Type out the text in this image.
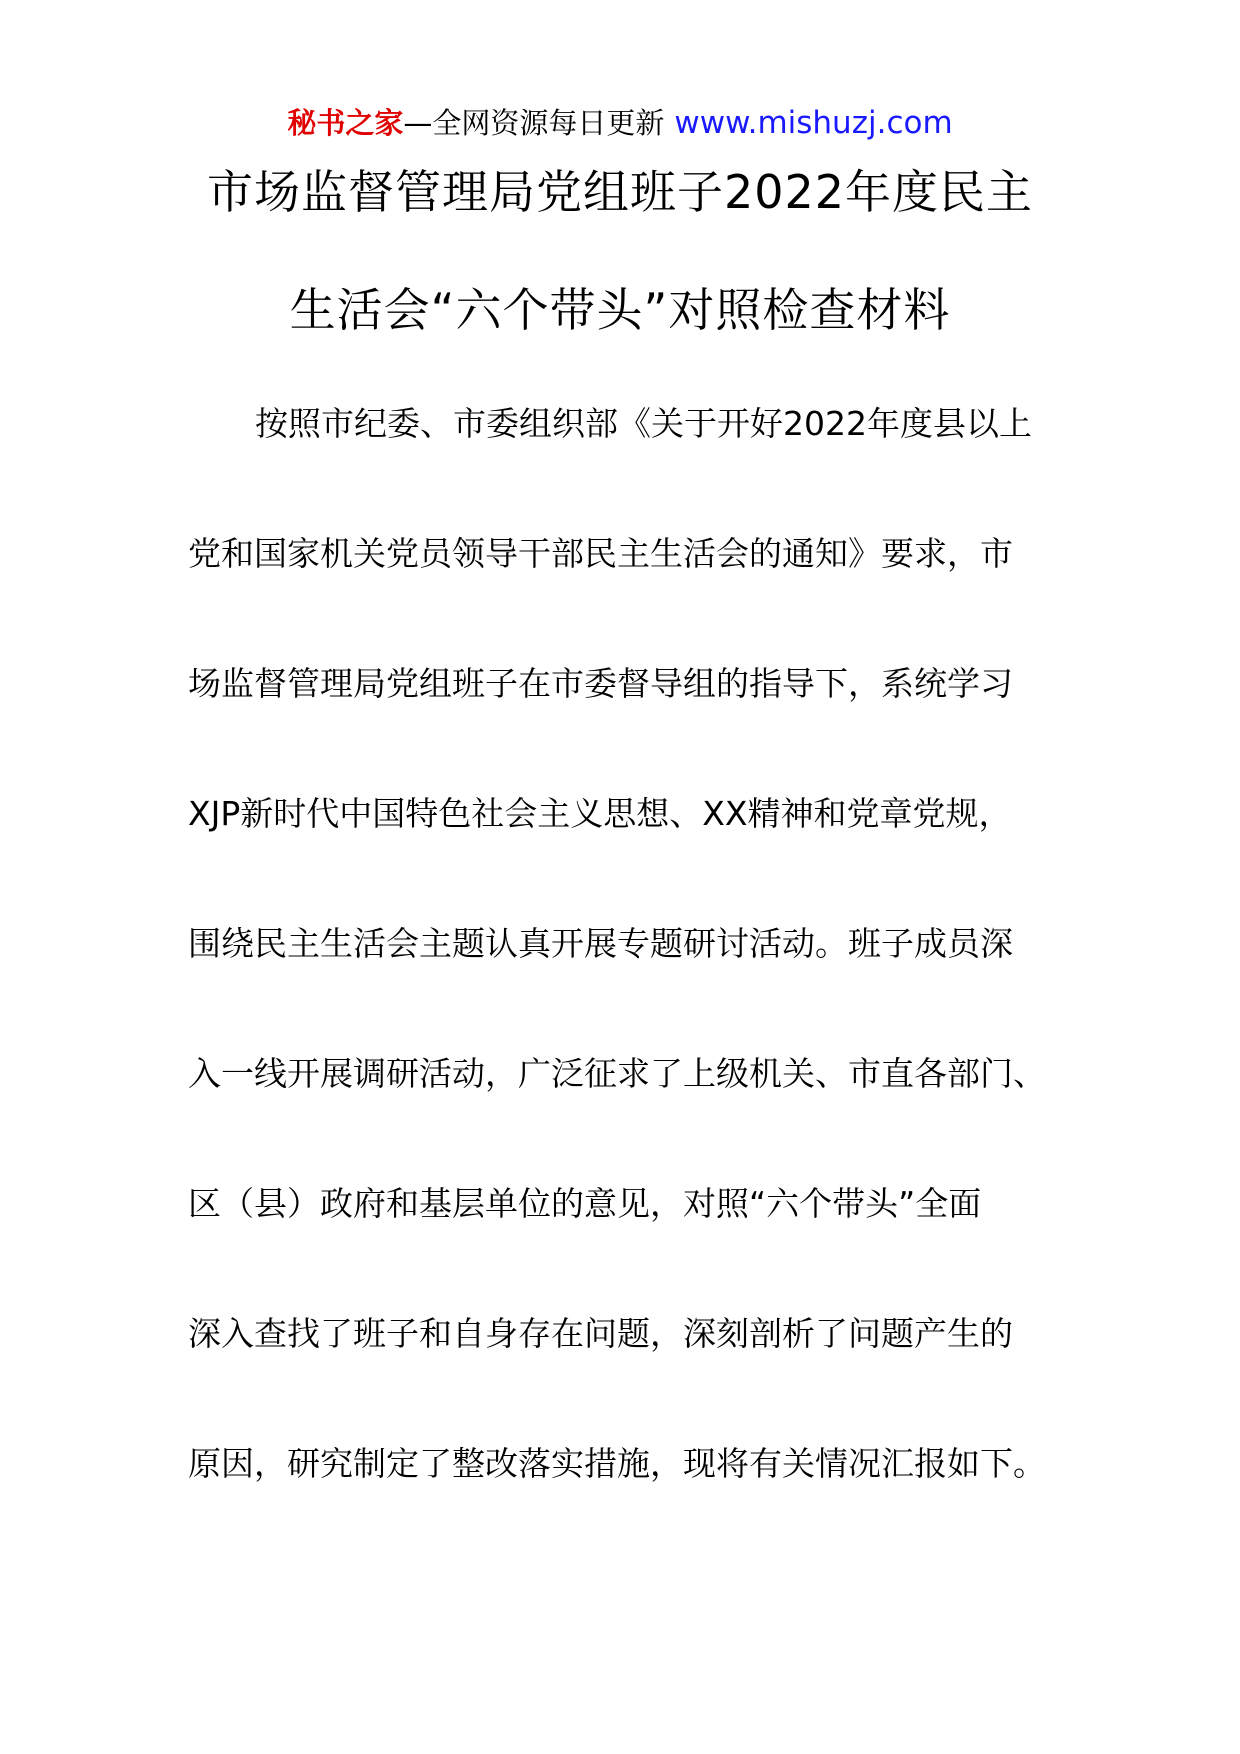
秘书之家—全网资源每日更新 www.mishuzj.com
市场监督管理局党组班子2022年度民主
生活会“六个带头”对照检查材料
按照市纪委、市委组织部《关于开好2022年度县以上
党和国家机关党员领导干部民主生活会的通知》要求，市
场监督管理局党组班子在市委督导组的指导下，系统学习
XJP新时代中国特色社会主义思想、XX精神和党章党规，
围绕民主生活会主题认真开展专题研讨活动。班子成员深
入一线开展调研活动，广泛征求了上级机关、市直各部门、
区（县）政府和基层单位的意见，对照“六个带头”全面
深入查找了班子和自身存在问题，深刻剖析了问题产生的
原因，研究制定了整改落实措施，现将有关情况汇报如下。
